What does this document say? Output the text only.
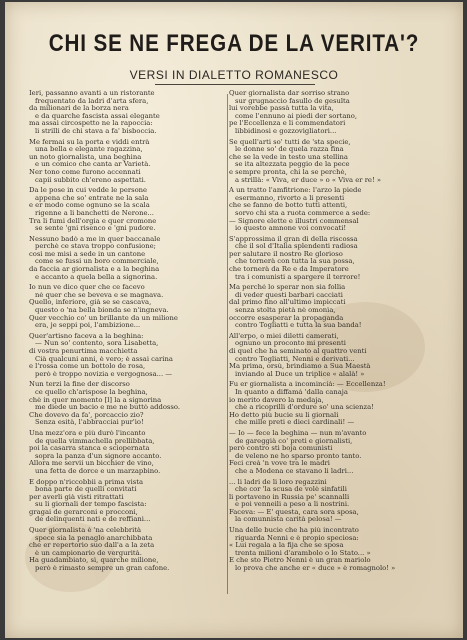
CHI SE NE FREGA DE LA VERITA'?
VERSI IN DIALETTO ROMANESCO
Ieri, passanno avanti a un ristorante
frequentato da ladri d'arta sfera,
da milionari de la borza nera
e da quarche fascista assai elegante
ma assai circospetto ne la rapoccia:
li strilli de chi stava a fa' bisboccia.
Me fermai su la porta e viddi entrà
una bella e elegante ragazzina,
un noto giornalista, una beghina
e un comico che canta ar Varietà.
Ner tono come furono accennati
capii subbito ch'ereno aspettati.
Da le pose in cui vedde le persone
appena che so' entrate ne la sala
e er modo come ognuno se la scala
rigenne a li banchetti de Nerone...
Tra li fumi dell'orgia e quer cromone
se sente 'gni risenco e 'gni pudore.
Nessuno badò a me in quer baccanale
perchè ce stava troppo confusione;
così me misi a sede in un cantone
come se fussi un boro commerciale,
da faccia ar giornalista e a la beghina
e accanto a quela bella a signorina.
Io nun ve dico quer che ce facevo
nè quer che se beveva e se magnava.
Quello, inferiore, già se se cascava,
questo o 'na bella bionda se n'ingneva.
Quer vecchio co' un brillante da un milione
era, je seppi poi, l'ambizione...
Quer'artisno faceva a la beghina:
— Nun so' contento, sora Lisabetta,
di vostra penurtima macchietta
Cià qualcuni anni, è vero; è assai carina
e l'rossa come un bottolo de rosa,
però è troppo novizia e vergognosa... —
Nun terzi la fine der discorso
ce quello ch'arispose la beghina,
chè in quer momento [l] la a signorina
me diede un bacio e me ne buttò addosso.
Che dovevo da fa', porcaccio zio?
Senza esità, l'abbracciai pur'io!
Una mezz'ora e più durò l'incanto
de quella vimmachella prellibbata,
poi la casarra stanca e sciopernata
sopra la panza d'un signore accanto.
Allora me servii un bicchier de vino,
una fetta de dorce e un marzapbino.
E doppo n'riccobbii a prima vista
bona parte de quelli convitati
per averli già visti ritrattati
su li giornali der tempo fascista:
gragai de gerarconi e procconi,
de delinquenti nati e de reffiani...
Quer giornalista è 'na celebbrità
spece sia la penaglo anarchibbata
che er repertorio suo dall'a a la zeta
è un campionario de vergurità.
Ha guadambiato, sì, quarche milione,
però è rimasto sempre un gran cafone.
Quer giornalista dar sorriso strano
sur grugnaccio fasullo de gesulta
lui vorebbe passà tutta la vita,
come l'ennuno ai piedi der sortano,
pe l'Eccellenza e li commendatori
libbidinosi e gozzovigliatori...
Se quell'arti so' tutti de 'sta specie,
le donne so' de quela razza fina
che se la vede in testo una stellina
se ita altezzata peggio de la pece
e sempre pronta, chi la se perchè,
a strillà: « Viva, er duce » o « Viva er re! »
A un tratto l'amfitrione: l'arzo la piede
esermanno, rivorto a li presenti
che se fanno de botto tutti attenti,
sorvo chi sta a ruota commerce a sede:
— Signore elette e illustri commensal
io questo amnone voi convocati!
S'approssima il gran dì della riscossa
che il sol d'Italia splendenti radiosa
per salutare il nostro Re glorioso
che tornerà con tutta la sua possa,
che tornerà da Re e da Imperatore
tra i comunisti a spargere il terrore!
Ma perché lo sperar non sia follia
di veder questi barbari cacciati
dal primo fino all'ultimo impiccati
senza stolta pietà nè omonìa,
occorre esasperar la propaganda
contro Togliatti e tutta la sua banda!
All'erpo, o miei diletti camerati,
ognuno un proconto mi presenti
di quel che ha seminato al quattro venti
contro Togliatti, Nenni e derivati...
Ma prima, orsù, brindiamo a Sua Maestà
inviando al Duce un triplice « alalà! »
Fu er giornalista a incominciá: — Eccellenza!
In quanto a diffamá 'dalla canaja
io merito davero la medaja,
chè a ricoprilli d'ordure so' una scienza!
Ho detto più bucie su li giornali
che mille preti e dieci cardinali! —
— Io — fece la beghina — nun m'avanto
de gareggià co' preti e giornalisti,
però contro sti boja comunisti
de veleno ne ho sparso pronto tanto.
Feci creà 'n vove tra le madri
che a Modena ce stavano li ladri...
... li ladri de li loro regazzini
che cor 'la scusa de volè sinfatili
li portaveno in Russia pe' scannalli
e poi venneili a peso a li nostrini.
Faceva: — E' questa, cara sora sposa,
la comunnista carità pelosa! —
Una delle bucie che ha più incontrato
riguarda Nenni e è propio speciosa:
« Lui regala a la fija che se sposa
trenta milioni d'arambolo o lo Stato... »
E che sto Pietro Nenni è un gran mariolo
lo prova che anche er « duce » è romagnolo! »
